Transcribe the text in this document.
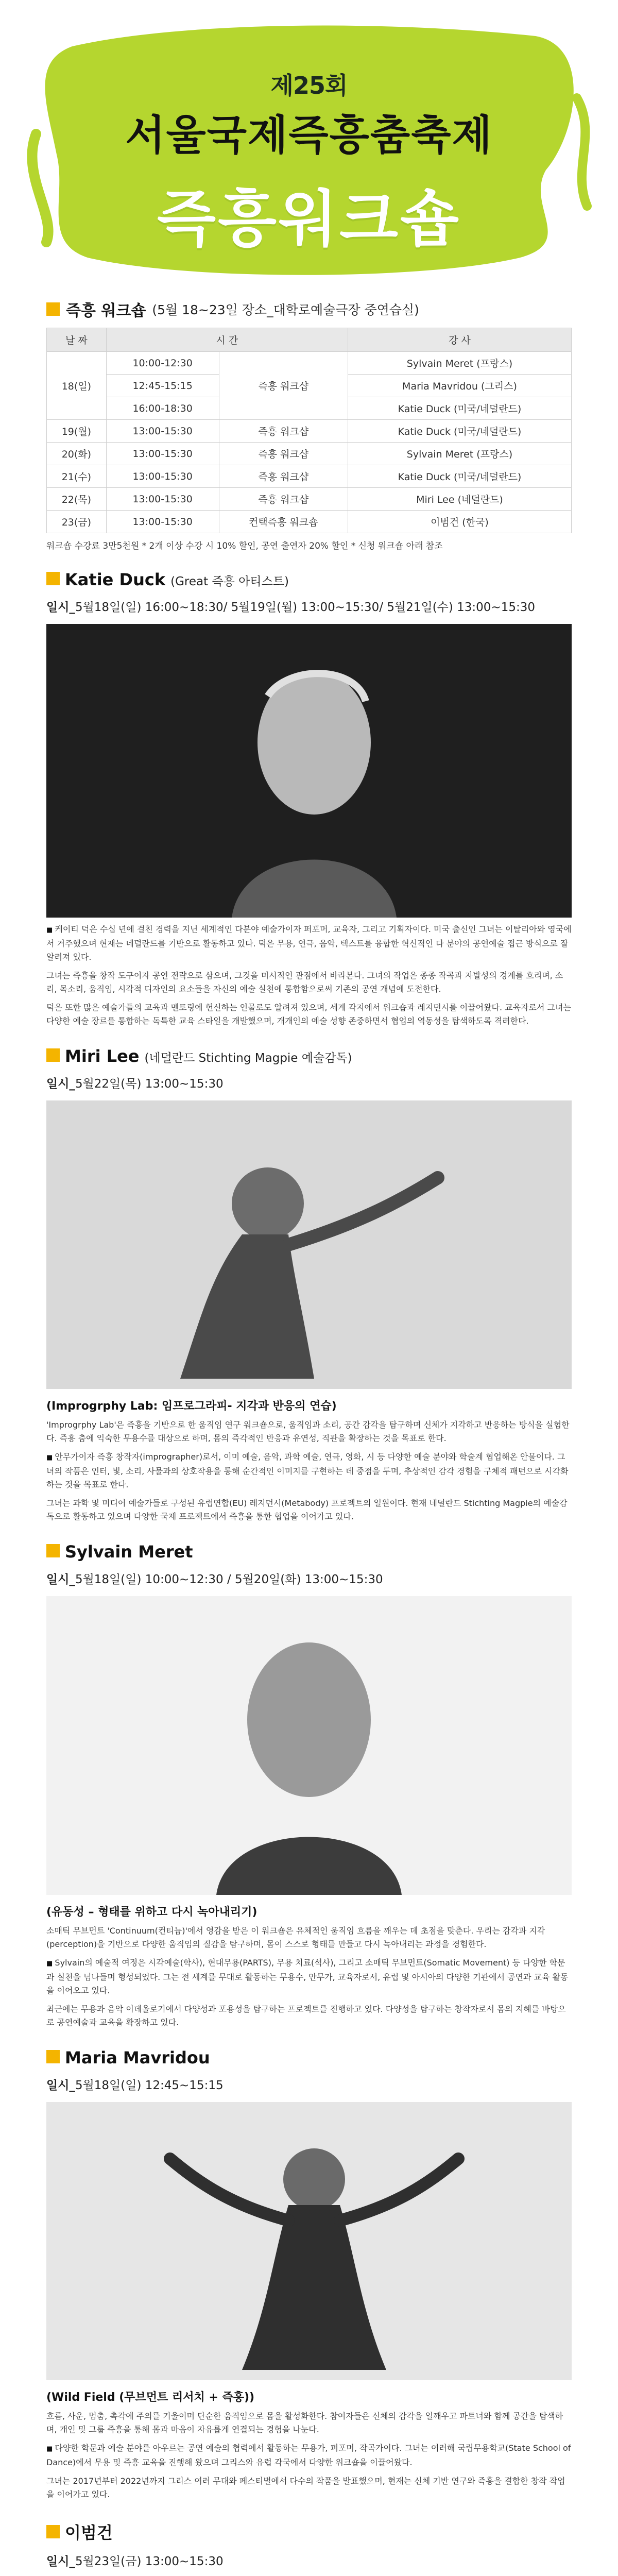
제25회
서울국제즉흥춤축제
즉흥워크숍
즉흥 워크숍 (5월 18~23일 장소_대학로예술극장 중연습실)
날 짜	시 간		강 사
18(일)	10:00-12:30	즉흥 워크샵	Sylvain Meret (프랑스)
	12:45-15:15		Maria Mavridou (그리스)
	16:00-18:30		Katie Duck (미국/네덜란드)
19(월)	13:00-15:30	즉흥 워크샵	Katie Duck (미국/네덜란드)
20(화)	13:00-15:30	즉흥 워크샵	Sylvain Meret (프랑스)
21(수)	13:00-15:30	즉흥 워크샵	Katie Duck (미국/네덜란드)
22(목)	13:00-15:30	즉흥 워크샵	Miri Lee (네덜란드)
23(금)	13:00-15:30	컨택즉흥 워크숍	이범건 (한국)
워크숍 수강료 3만5천원 * 2개 이상 수강 시 10% 할인, 공연 출연자 20% 할인 * 신청 워크숍 아래 참조
Katie Duck (Great 즉흥 아티스트)
일시_5월18일(일) 16:00~18:30/ 5월19일(월) 13:00~15:30/ 5월21일(수) 13:00~15:30
■ 케이티 덕은 수십 년에 걸친 경력을 지닌 세계적인 다분야 예술가이자 퍼포머, 교육자, 그리고 기획자이다. 미국 출신인 그녀는 이탈리아와 영국에서 거주했으며 현재는 네덜란드를 기반으로 활동하고 있다. 덕은 무용, 연극, 음악, 텍스트를 융합한 혁신적인 다 분야의 공연예술 접근 방식으로 잘 알려져 있다.
그녀는 즉흥을 창작 도구이자 공연 전략으로 삼으며, 그것을 미시적인 관점에서 바라본다. 그녀의 작업은 종종 작곡과 자발성의 경계를 흐리며, 소리, 목소리, 움직임, 시각적 디자인의 요소들을 자신의 예술 실천에 통합함으로써 기존의 공연 개념에 도전한다.
덕은 또한 많은 예술가들의 교육과 멘토링에 헌신하는 인물로도 알려져 있으며, 세계 각지에서 워크숍과 레지던시를 이끌어왔다. 교육자로서 그녀는 다양한 예술 장르를 통합하는 독특한 교육 스타일을 개발했으며, 개개인의 예술 성향 존중하면서 협업의 역동성을 탐색하도록 격려한다.
Miri Lee (네덜란드 Stichting Magpie 예술감독)
일시_5월22일(목) 13:00~15:30
(Improgrphy Lab: 임프로그라피- 지각과 반응의 연습)
'Improgrphy Lab'은 즉흥을 기반으로 한 움직임 연구 워크숍으로, 움직임과 소리, 공간 감각을 탐구하며 신체가 지각하고 반응하는 방식을 실험한다. 즉흥 춤에 익숙한 무용수를 대상으로 하며, 몸의 즉각적인 반응과 유연성, 직관을 확장하는 것을 목표로 한다.
■ 안무가이자 즉흥 창작자(imprographer)로서, 이미 예술, 음악, 과학 예술, 연극, 영화, 시 등 다양한 예술 분야와 학술계 협업해온 안물이다. 그녀의 작품은 인터, 빛, 소리, 사물과의 상호작용을 통해 순간적인 이미지를 구현하는 데 중점을 두며, 추상적인 감각 경험을 구체적 패턴으로 시각화하는 것을 목표로 한다.
그녀는 과학 및 미디어 예술가들로 구성된 유럽연합(EU) 레지던시(Metabody) 프로젝트의 일원이다. 현재 네덜란드 Stichting Magpie의 예술감독으로 활동하고 있으며 다양한 국제 프로젝트에서 즉흥을 통한 협업을 이어가고 있다.
Sylvain Meret
일시_5월18일(일) 10:00~12:30 / 5월20일(화) 13:00~15:30
(유동성 – 형태를 위하고 다시 녹아내리기)
소매틱 무브먼트 'Continuum(컨티늄)'에서 영감을 받은 이 워크숍은 유체적인 움직임 흐름을 깨우는 데 초점을 맞춘다. 우리는 감각과 지각(perception)을 기반으로 다양한 움직임의 질감을 탐구하며, 몸이 스스로 형태를 만들고 다시 녹아내리는 과정을 경험한다.
■ Sylvain의 예술적 여정은 시각예술(학사), 현대무용(PARTS), 무용 치료(석사), 그리고 소매틱 무브먼트(Somatic Movement) 등 다양한 학문과 실천을 넘나들며 형성되었다. 그는 전 세계를 무대로 활동하는 무용수, 안무가, 교육자로서, 유럽 및 아시아의 다양한 기관에서 공연과 교육 활동을 이어오고 있다.
최근에는 무용과 음악 이데올로기에서 다양성과 포용성을 탐구하는 프로젝트를 진행하고 있다. 다양성을 탐구하는 창작자로서 몸의 지혜를 바탕으로 공연예술과 교육을 확장하고 있다.
Maria Mavridou
일시_5월18일(일) 12:45~15:15
(Wild Field (무브먼트 리서치 + 즉흥))
흐름, 사운, 멈춤, 촉각에 주의를 기울이며 단순한 움직임으로 몸을 활성화한다. 참여자들은 신체의 감각을 일깨우고 파트너와 함께 공간을 탐색하며, 개인 및 그룹 즉흥을 통해 몸과 마음이 자유롭게 연결되는 경험을 나눈다.
■ 다양한 학문과 예술 분야를 아우르는 공연 예술의 협력에서 활동하는 무용가, 퍼포머, 작곡가이다. 그녀는 여러해 국립무용학교(State School of Dance)에서 무용 및 즉흥 교육을 진행해 왔으며 그리스와 유럽 각국에서 다양한 워크숍을 이끌어왔다.
그녀는 2017년부터 2022년까지 그리스 여러 무대와 페스티벌에서 다수의 작품을 발표했으며, 현재는 신체 기반 연구와 즉흥을 결합한 창작 작업을 이어가고 있다.
이범건
일시_5월23일(금) 13:00~15:30
